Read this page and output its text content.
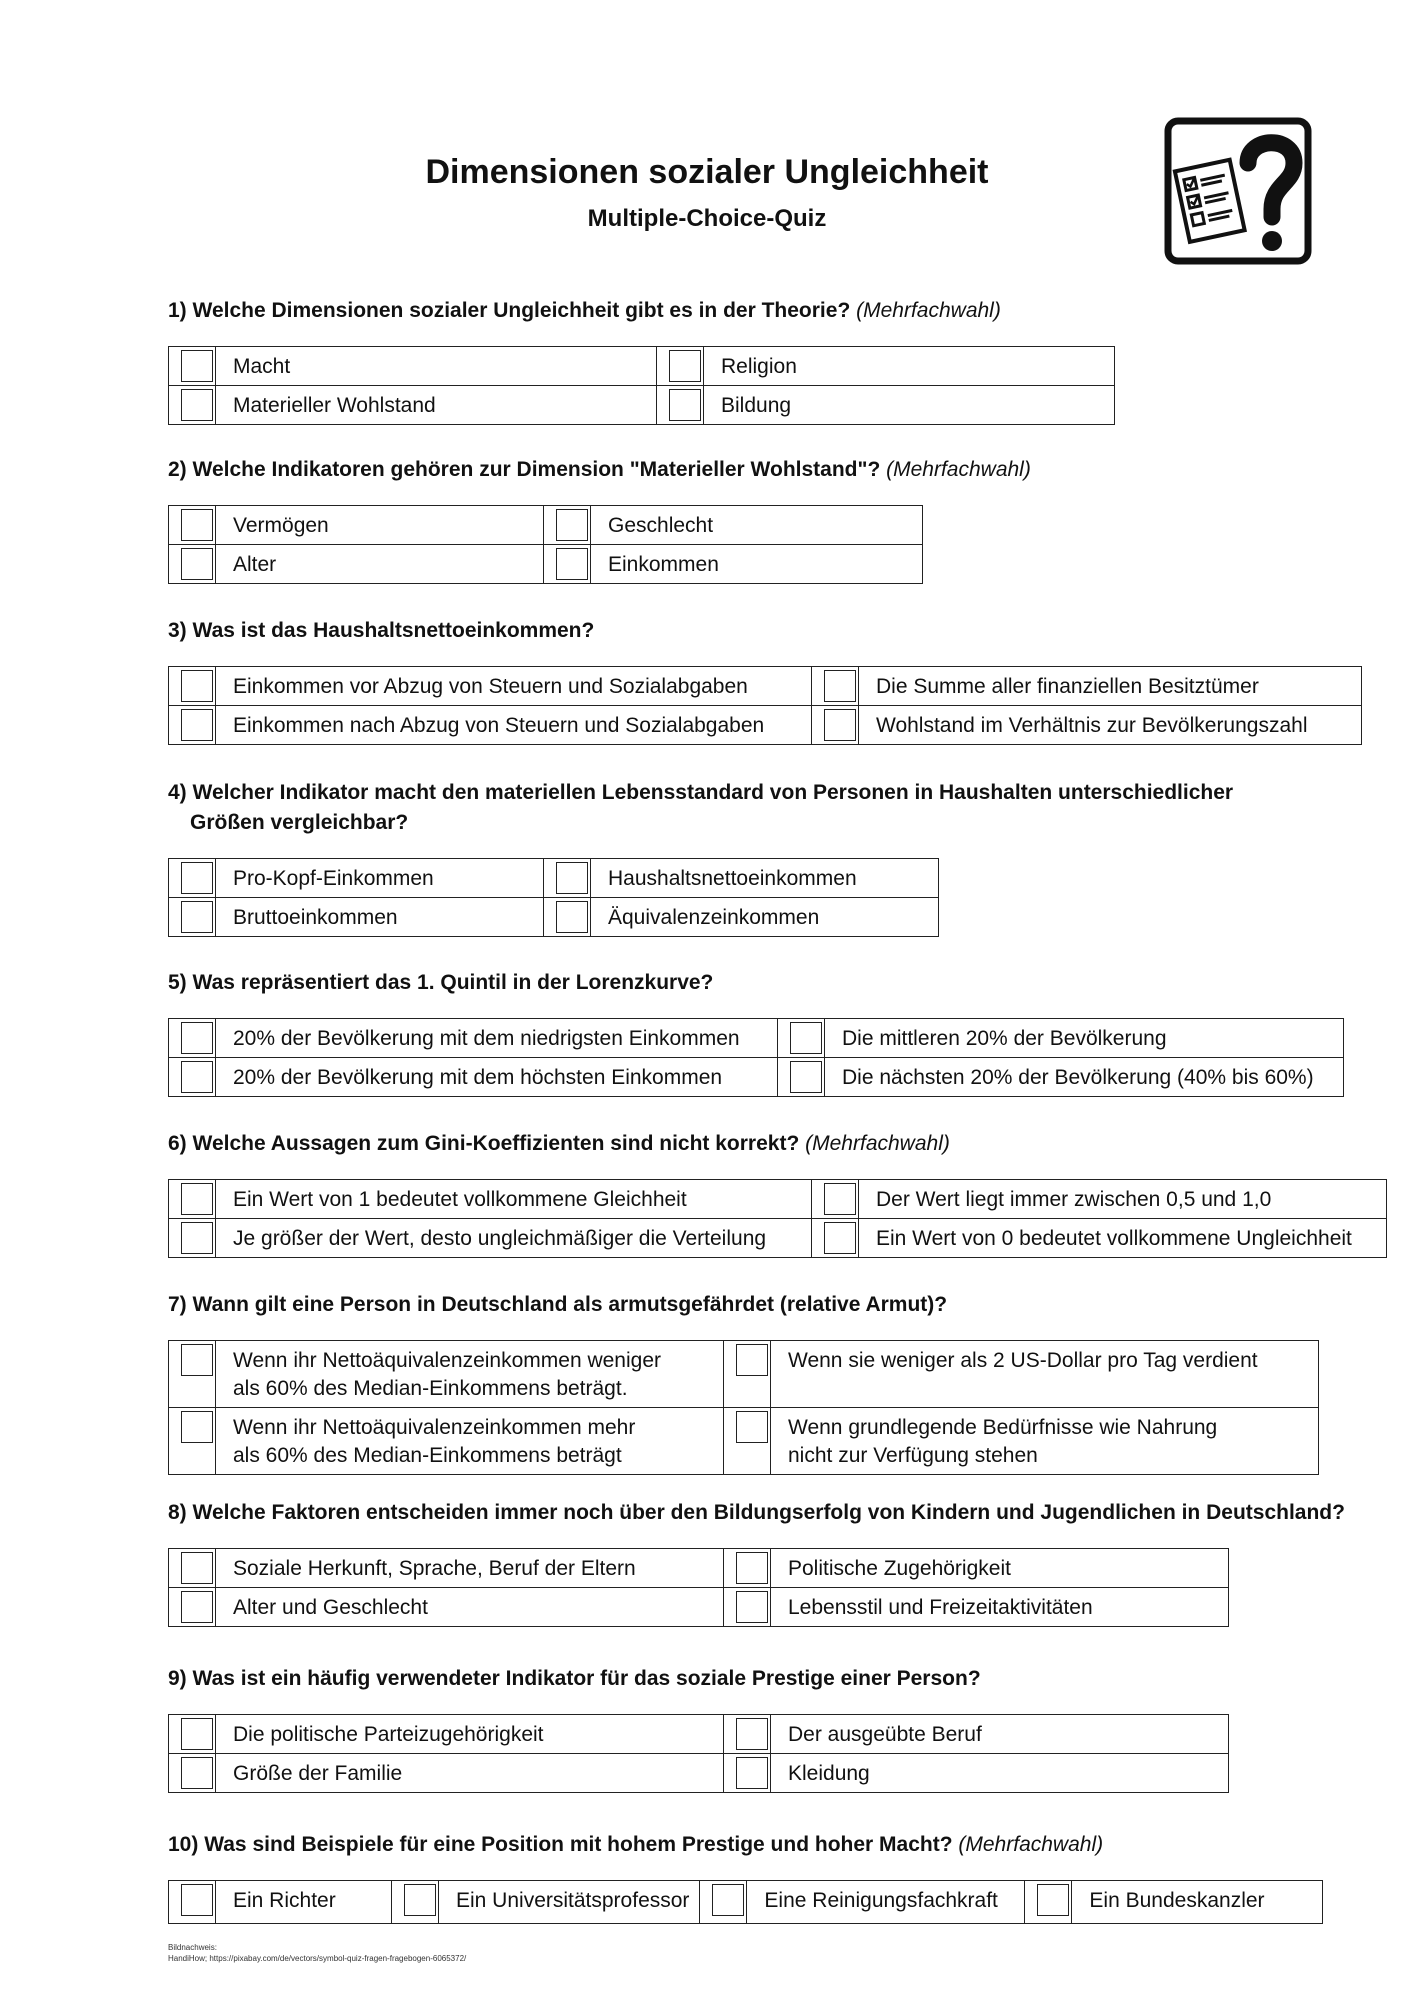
Dimensionen sozialer Ungleichheit
Multiple-Choice-Quiz
1) Welche Dimensionen sozialer Ungleichheit gibt es in der Theorie? (Mehrfachwahl)
	Macht		Religion

	Materieller Wohlstand		Bildung
2) Welche Indikatoren gehören zur Dimension "Materieller Wohlstand"? (Mehrfachwahl)
	Vermögen		Geschlecht

	Alter		Einkommen
3) Was ist das Haushaltsnettoeinkommen?
	Einkommen vor Abzug von Steuern und Sozialabgaben		Die Summe aller finanziellen Besitztümer

	Einkommen nach Abzug von Steuern und Sozialabgaben		Wohlstand im Verhältnis zur Bevölkerungszahl
4) Welcher Indikator macht den materiellen Lebensstandard von Personen in Haushalten unterschiedlicher
Größen vergleichbar?
	Pro-Kopf-Einkommen		Haushaltsnettoeinkommen

	Bruttoeinkommen		Äquivalenzeinkommen
5) Was repräsentiert das 1. Quintil in der Lorenzkurve?
	20% der Bevölkerung mit dem niedrigsten Einkommen		Die mittleren 20% der Bevölkerung

	20% der Bevölkerung mit dem höchsten Einkommen		Die nächsten 20% der Bevölkerung (40% bis 60%)
6) Welche Aussagen zum Gini-Koeffizienten sind nicht korrekt? (Mehrfachwahl)
	Ein Wert von 1 bedeutet vollkommene Gleichheit		Der Wert liegt immer zwischen 0,5 und 1,0

	Je größer der Wert, desto ungleichmäßiger die Verteilung		Ein Wert von 0 bedeutet vollkommene Ungleichheit
7) Wann gilt eine Person in Deutschland als armutsgefährdet (relative Armut)?
	Wenn ihr Nettoäquivalenzeinkommen weniger
als 60% des Median-Einkommens beträgt.		Wenn sie weniger als 2 US-Dollar pro Tag verdient

	Wenn ihr Nettoäquivalenzeinkommen mehr
als 60% des Median-Einkommens beträgt		Wenn grundlegende Bedürfnisse wie Nahrung
nicht zur Verfügung stehen
8) Welche Faktoren entscheiden immer noch über den Bildungserfolg von Kindern und Jugendlichen in Deutschland?
	Soziale Herkunft, Sprache, Beruf der Eltern		Politische Zugehörigkeit

	Alter und Geschlecht		Lebensstil und Freizeitaktivitäten
9) Was ist ein häufig verwendeter Indikator für das soziale Prestige einer Person?
	Die politische Parteizugehörigkeit		Der ausgeübte Beruf

	Größe der Familie		Kleidung
10) Was sind Beispiele für eine Position mit hohem Prestige und hoher Macht? (Mehrfachwahl)
	Ein Richter		Ein Universitätsprofessor		Eine Reinigungsfachkraft		Ein Bundeskanzler
Bildnachweis:
HandiHow; https://pixabay.com/de/vectors/symbol-quiz-fragen-fragebogen-6065372/
